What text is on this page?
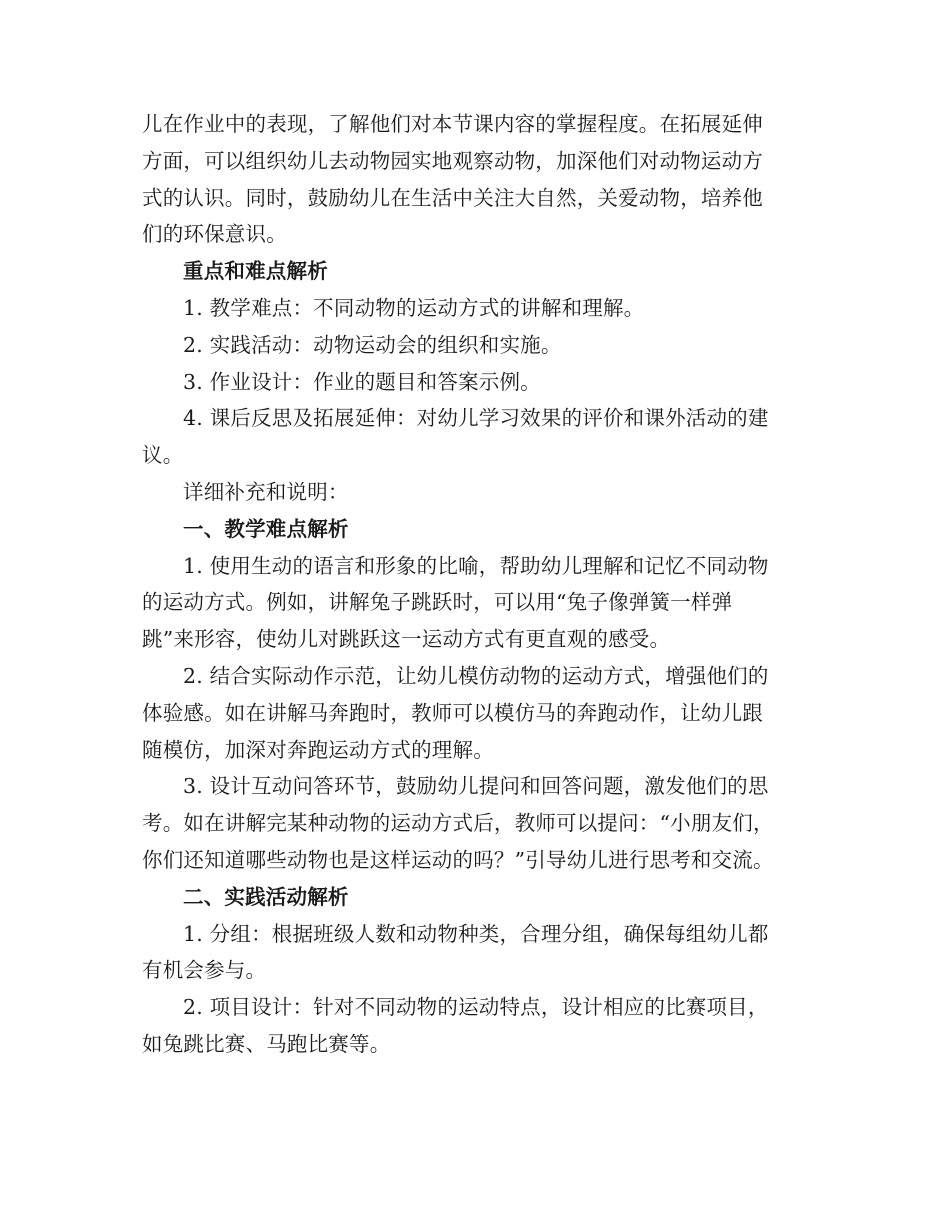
儿在作业中的表现，了解他们对本节课内容的掌握程度。在拓展延伸
方面，可以组织幼儿去动物园实地观察动物，加深他们对动物运动方
式的认识。同时，鼓励幼儿在生活中关注大自然，关爱动物，培养他
们的环保意识。

重点和难点解析

1. 教学难点：不同动物的运动方式的讲解和理解。

2. 实践活动：动物运动会的组织和实施。

3. 作业设计：作业的题目和答案示例。

4. 课后反思及拓展延伸：对幼儿学习效果的评价和课外活动的建
议。

详细补充和说明：

一、教学难点解析

1. 使用生动的语言和形象的比喻，帮助幼儿理解和记忆不同动物
的运动方式。例如，讲解兔子跳跃时，可以用“兔子像弹簧一样弹
跳”来形容，使幼儿对跳跃这一运动方式有更直观的感受。

2. 结合实际动作示范，让幼儿模仿动物的运动方式，增强他们的
体验感。如在讲解马奔跑时，教师可以模仿马的奔跑动作，让幼儿跟
随模仿，加深对奔跑运动方式的理解。

3. 设计互动问答环节，鼓励幼儿提问和回答问题，激发他们的思
考。如在讲解完某种动物的运动方式后，教师可以提问：“小朋友们，
你们还知道哪些动物也是这样运动的吗？”引导幼儿进行思考和交流。

二、实践活动解析

1. 分组：根据班级人数和动物种类，合理分组，确保每组幼儿都
有机会参与。

2. 项目设计：针对不同动物的运动特点，设计相应的比赛项目，
如兔跳比赛、马跑比赛等。
